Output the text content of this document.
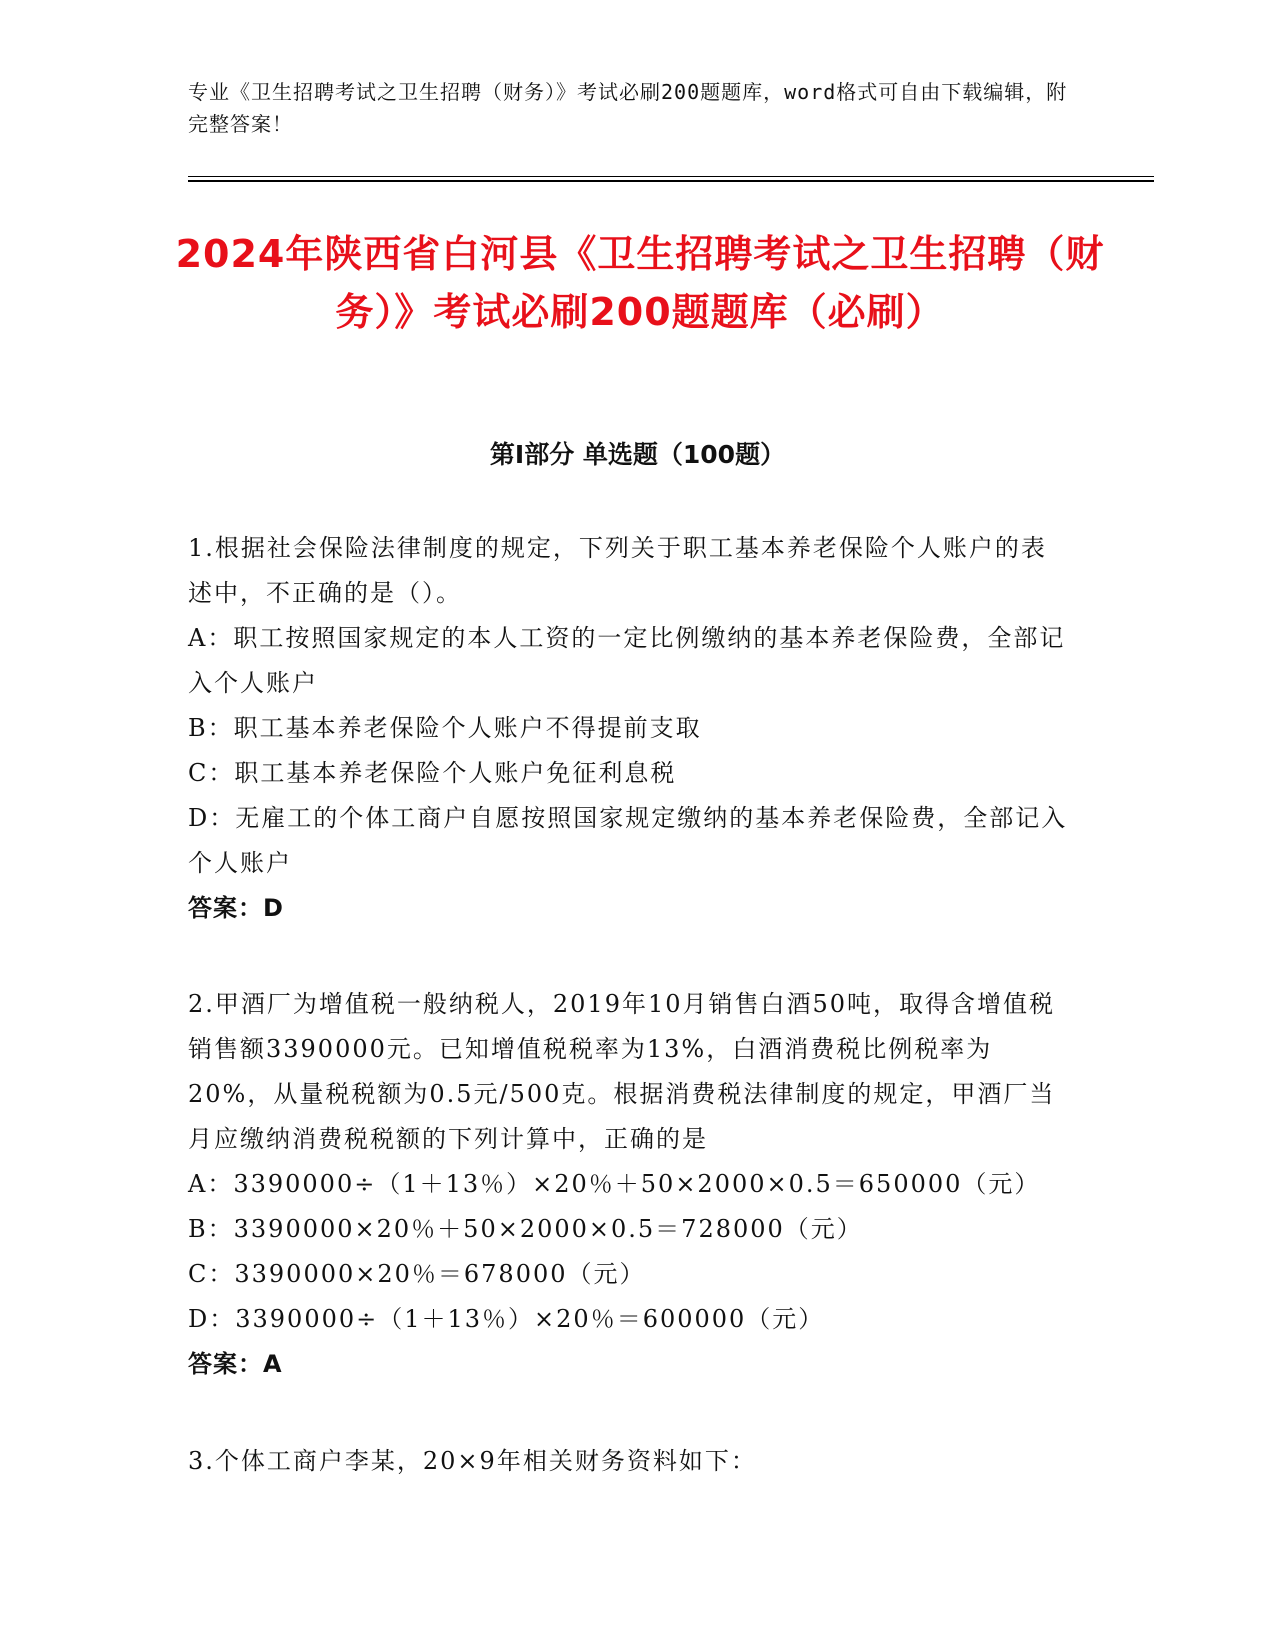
专业《卫生招聘考试之卫生招聘（财务）》考试必刷200题题库，word格式可自由下载编辑，附完整答案！
2024年陕西省白河县《卫生招聘考试之卫生招聘（财务）》考试必刷200题题库（必刷）
第I部分 单选题（100题）

1.根据社会保险法律制度的规定，下列关于职工基本养老保险个人账户的表述中，不正确的是（）。

A：职工按照国家规定的本人工资的一定比例缴纳的基本养老保险费，全部记入个人账户

B：职工基本养老保险个人账户不得提前支取

C：职工基本养老保险个人账户免征利息税

D：无雇工的个体工商户自愿按照国家规定缴纳的基本养老保险费，全部记入个人账户

答案：D

2.甲酒厂为增值税一般纳税人，2019年10月销售白酒50吨，取得含增值税销售额3390000元。已知增值税税率为13%，白酒消费税比例税率为20%，从量税税额为0.5元/500克。根据消费税法律制度的规定，甲酒厂当月应缴纳消费税税额的下列计算中，正确的是

A：3390000÷（1＋13％）×20％＋50×2000×0.5＝650000（元）

B：3390000×20％＋50×2000×0.5＝728000（元）

C：3390000×20％＝678000（元）

D：3390000÷（1＋13％）×20％＝600000（元）

答案：A

3.个体工商户李某，20×9年相关财务资料如下：
